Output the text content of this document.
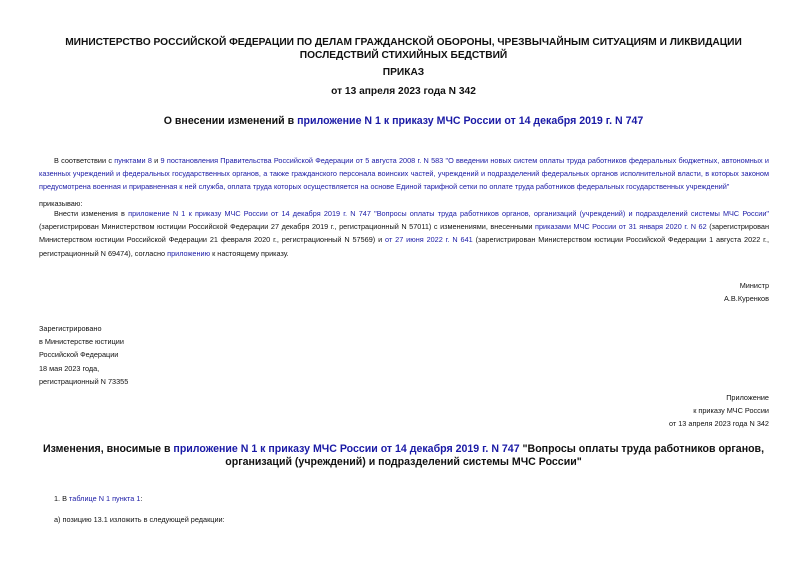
МИНИСТЕРСТВО РОССИЙСКОЙ ФЕДЕРАЦИИ ПО ДЕЛАМ ГРАЖДАНСКОЙ ОБОРОНЫ, ЧРЕЗВЫЧАЙНЫМ СИТУАЦИЯМ И ЛИКВИДАЦИИ ПОСЛЕДСТВИЙ СТИХИЙНЫХ БЕДСТВИЙ
ПРИКАЗ
от 13 апреля 2023 года N 342
О внесении изменений в приложение N 1 к приказу МЧС России от 14 декабря 2019 г. N 747
В соответствии с пунктами 8 и 9 постановления Правительства Российской Федерации от 5 августа 2008 г. N 583 "О введении новых систем оплаты труда работников федеральных бюджетных, автономных и казенных учреждений и федеральных государственных органов, а также гражданского персонала воинских частей, учреждений и подразделений федеральных органов исполнительной власти, в которых законом предусмотрена военная и приравненная к ней служба, оплата труда которых осуществляется на основе Единой тарифной сетки по оплате труда работников федеральных государственных учреждений"
приказываю:
Внести изменения в приложение N 1 к приказу МЧС России от 14 декабря 2019 г. N 747 "Вопросы оплаты труда работников органов, организаций (учреждений) и подразделений системы МЧС России" (зарегистрирован Министерством юстиции Российской Федерации 27 декабря 2019 г., регистрационный N 57011) с изменениями, внесенными приказами МЧС России от 31 января 2020 г. N 62 (зарегистрирован Министерством юстиции Российской Федерации 21 февраля 2020 г., регистрационный N 57569) и от 27 июня 2022 г. N 641 (зарегистрирован Министерством юстиции Российской Федерации 1 августа 2022 г., регистрационный N 69474), согласно приложению к настоящему приказу.
Министр
А.В.Куренков
Зарегистрировано
в Министерстве юстиции
Российской Федерации
18 мая 2023 года,
регистрационный N 73355
Приложение
к приказу МЧС России
от 13 апреля 2023 года N 342
Изменения, вносимые в приложение N 1 к приказу МЧС России от 14 декабря 2019 г. N 747 "Вопросы оплаты труда работников органов, организаций (учреждений) и подразделений системы МЧС России"
1. В таблице N 1 пункта 1:
а) позицию 13.1 изложить в следующей редакции:
